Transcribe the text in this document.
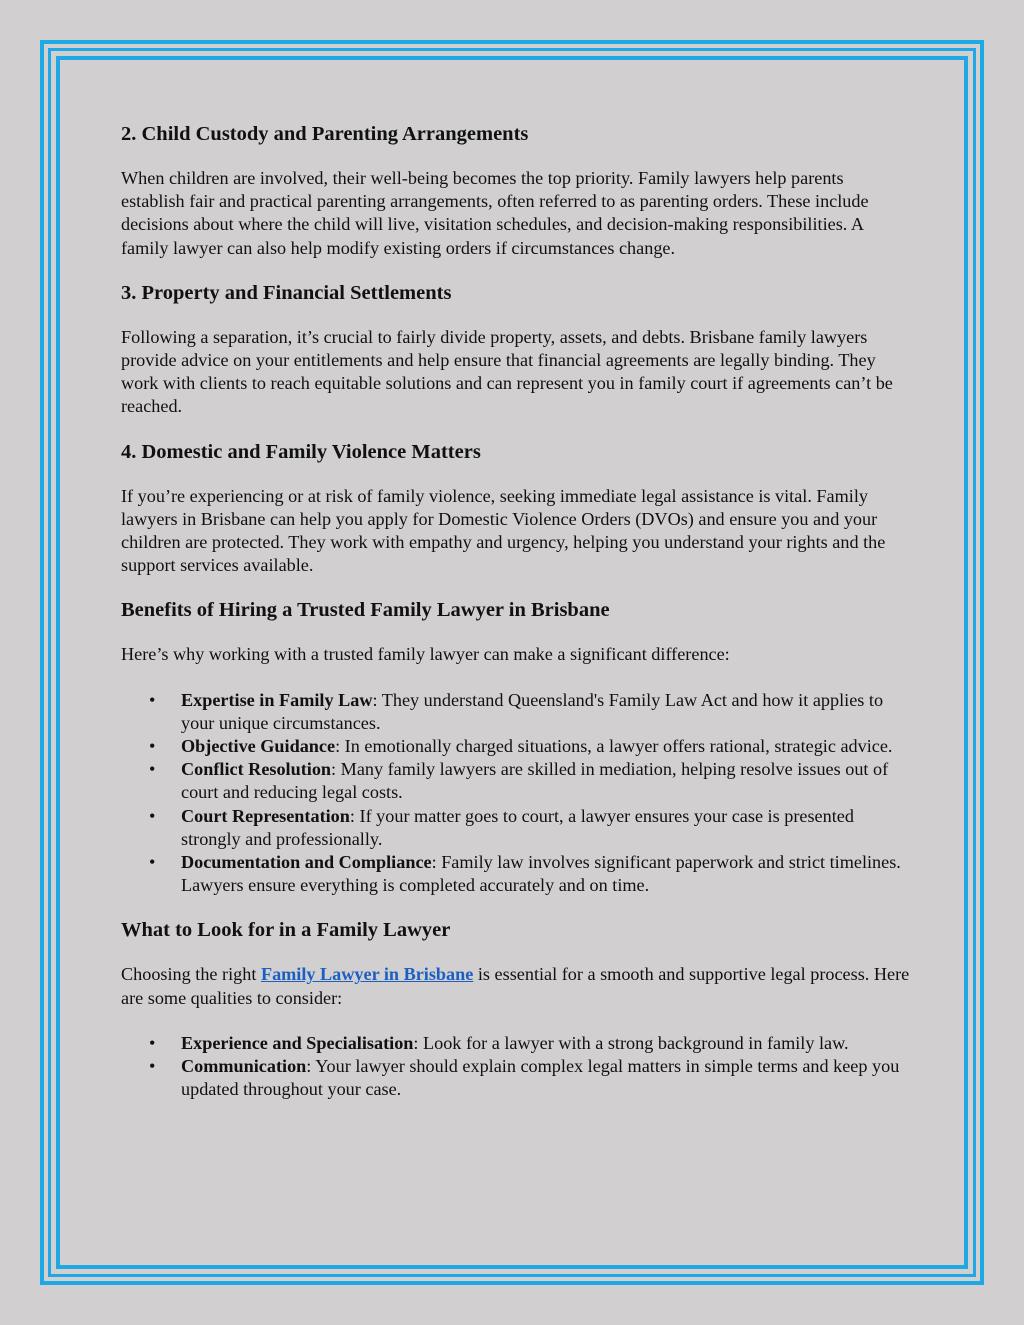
2. Child Custody and Parenting Arrangements

When children are involved, their well-being becomes the top priority. Family lawyers help parents establish fair and practical parenting arrangements, often referred to as parenting orders. These include decisions about where the child will live, visitation schedules, and decision-making responsibilities. A family lawyer can also help modify existing orders if circumstances change.

3. Property and Financial Settlements

Following a separation, it’s crucial to fairly divide property, assets, and debts. Brisbane family lawyers provide advice on your entitlements and help ensure that financial agreements are legally binding. They work with clients to reach equitable solutions and can represent you in family court if agreements can’t be reached.

4. Domestic and Family Violence Matters

If you’re experiencing or at risk of family violence, seeking immediate legal assistance is vital. Family lawyers in Brisbane can help you apply for Domestic Violence Orders (DVOs) and ensure you and your children are protected. They work with empathy and urgency, helping you understand your rights and the support services available.

Benefits of Hiring a Trusted Family Lawyer in Brisbane

Here’s why working with a trusted family lawyer can make a significant difference:

• Expertise in Family Law: They understand Queensland's Family Law Act and how it applies to your unique circumstances.
• Objective Guidance: In emotionally charged situations, a lawyer offers rational, strategic advice.
• Conflict Resolution: Many family lawyers are skilled in mediation, helping resolve issues out of court and reducing legal costs.
• Court Representation: If your matter goes to court, a lawyer ensures your case is presented strongly and professionally.
• Documentation and Compliance: Family law involves significant paperwork and strict timelines. Lawyers ensure everything is completed accurately and on time.
What to Look for in a Family Lawyer

Choosing the right Family Lawyer in Brisbane is essential for a smooth and supportive legal process. Here are some qualities to consider:

• Experience and Specialisation: Look for a lawyer with a strong background in family law.
• Communication: Your lawyer should explain complex legal matters in simple terms and keep you updated throughout your case.
